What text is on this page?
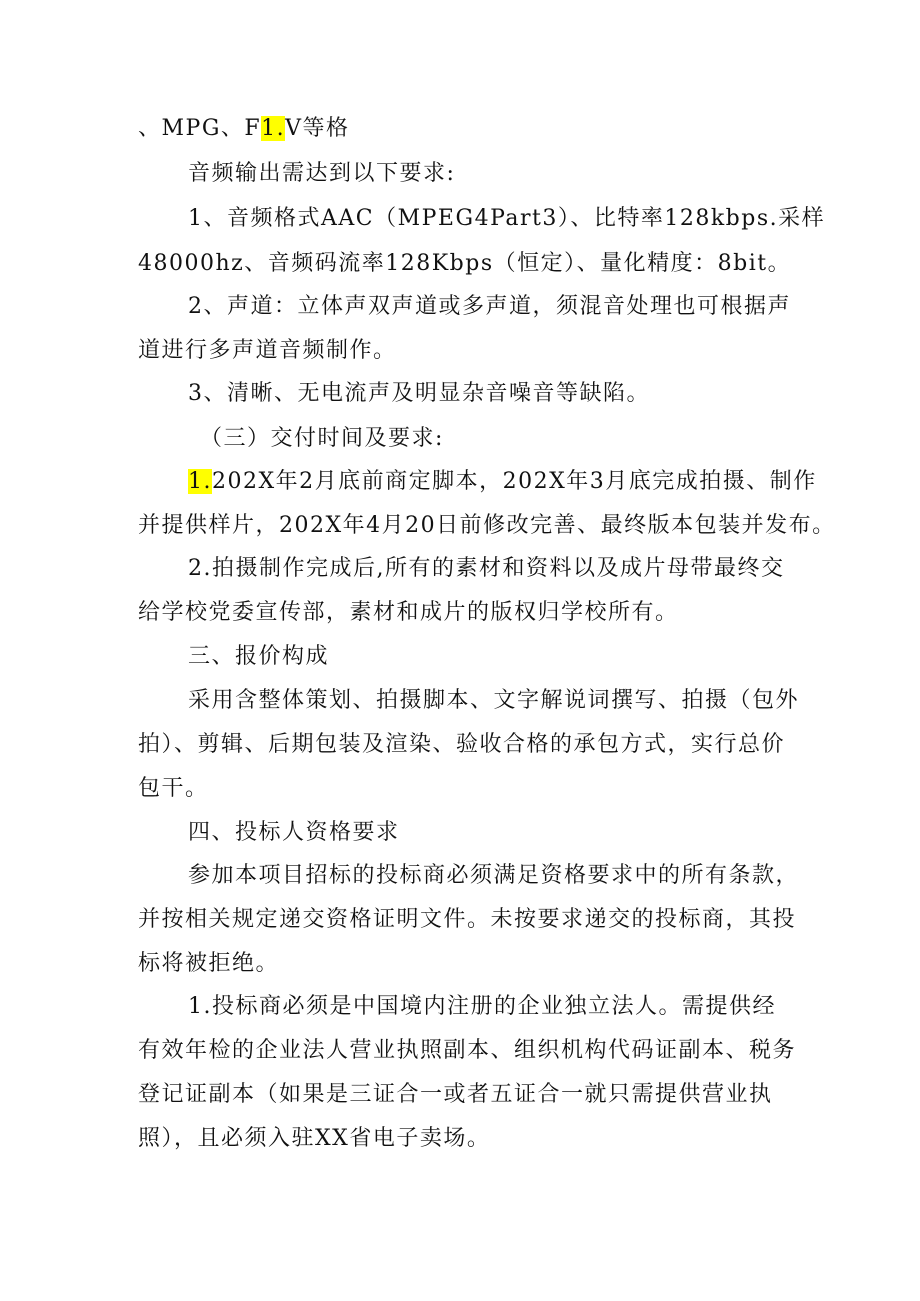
、MPG、F1.V等格
音频输出需达到以下要求:
1、音频格式AAC（MPEG4Part3）、比特率128kbps.采样
48000hz、音频码流率128Kbps（恒定）、量化精度：8bit。
2、声道：立体声双声道或多声道，须混音处理也可根据声
道进行多声道音频制作。
3、清晰、无电流声及明显杂音噪音等缺陷。
（三）交付时间及要求:
1.202X年2月底前商定脚本，202X年3月底完成拍摄、制作
并提供样片，202X年4月20日前修改完善、最终版本包装并发布。
2.拍摄制作完成后,所有的素材和资料以及成片母带最终交
给学校党委宣传部，素材和成片的版权归学校所有。
三、报价构成
采用含整体策划、拍摄脚本、文字解说词撰写、拍摄（包外
拍）、剪辑、后期包装及渲染、验收合格的承包方式，实行总价
包干。
四、投标人资格要求
参加本项目招标的投标商必须满足资格要求中的所有条款，
并按相关规定递交资格证明文件。未按要求递交的投标商，其投
标将被拒绝。
1.投标商必须是中国境内注册的企业独立法人。需提供经
有效年检的企业法人营业执照副本、组织机构代码证副本、税务
登记证副本（如果是三证合一或者五证合一就只需提供营业执
照），且必须入驻XX省电子卖场。
